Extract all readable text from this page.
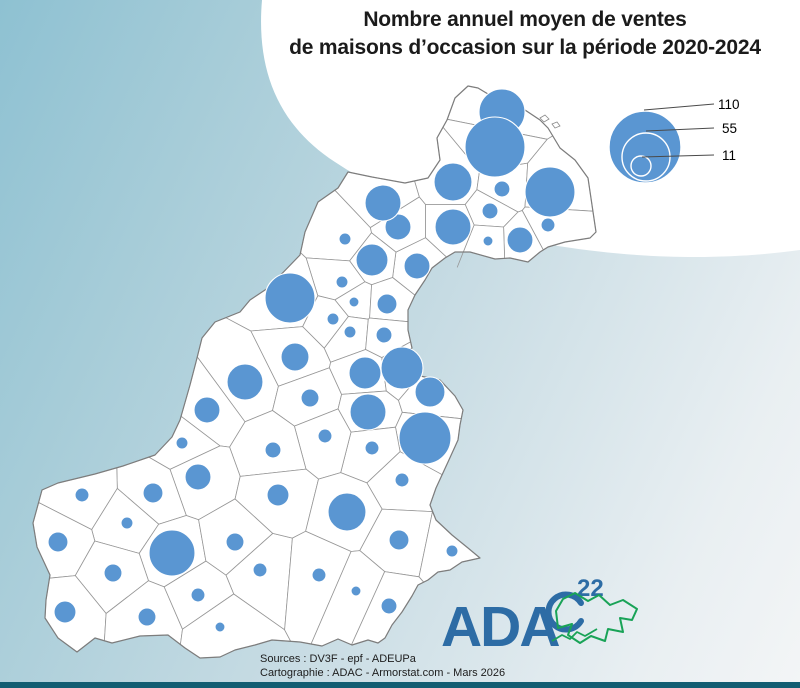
110
55
11
ADA
22
Nombre annuel moyen de ventes
de maisons d’occasion sur la période 2020-2024
Sources : DV3F - epf - ADEUPa
Cartographie : ADAC - Armorstat.com - Mars 2026
